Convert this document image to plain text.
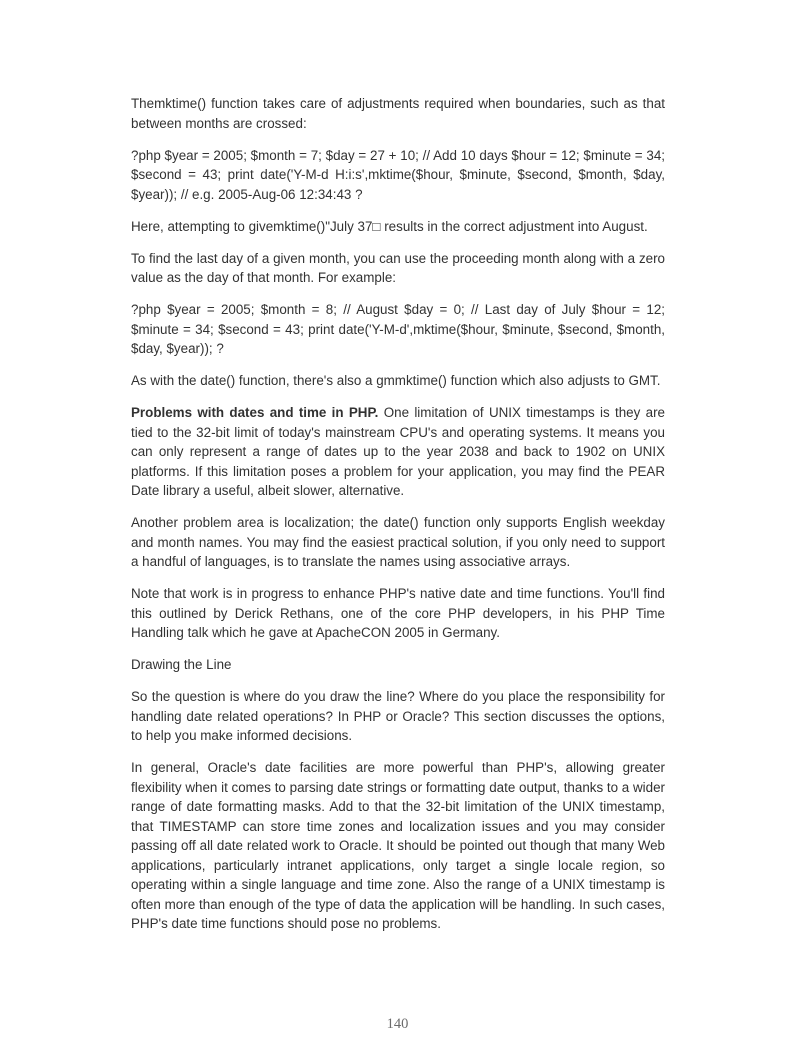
Themktime() function takes care of adjustments required when boundaries, such as that between months are crossed:

?php $year = 2005; $month = 7; $day = 27 + 10; // Add 10 days $hour = 12; $minute = 34; $second = 43; print date('Y-M-d H:i:s',mktime($hour, $minute, $second, $month, $day, $year)); // e.g. 2005-Aug-06 12:34:43 ?

Here, attempting to givemktime()"July 37□ results in the correct adjustment into August.

To find the last day of a given month, you can use the proceeding month along with a zero value as the day of that month. For example:

?php $year = 2005; $month = 8; // August $day = 0; // Last day of July $hour = 12; $minute = 34; $second = 43; print date('Y-M-d',mktime($hour, $minute, $second, $month, $day, $year)); ?

As with the date() function, there's also a gmmktime() function which also adjusts to GMT.

Problems with dates and time in PHP. One limitation of UNIX timestamps is they are tied to the 32-bit limit of today's mainstream CPU's and operating systems. It means you can only represent a range of dates up to the year 2038 and back to 1902 on UNIX platforms. If this limitation poses a problem for your application, you may find the PEAR Date library a useful, albeit slower, alternative.

Another problem area is localization; the date() function only supports English weekday and month names. You may find the easiest practical solution, if you only need to support a handful of languages, is to translate the names using associative arrays.

Note that work is in progress to enhance PHP's native date and time functions. You'll find this outlined by Derick Rethans, one of the core PHP developers, in his PHP Time Handling talk which he gave at ApacheCON 2005 in Germany.

Drawing the Line

So the question is where do you draw the line? Where do you place the responsibility for handling date related operations? In PHP or Oracle? This section discusses the options, to help you make informed decisions.

In general, Oracle's date facilities are more powerful than PHP's, allowing greater flexibility when it comes to parsing date strings or formatting date output, thanks to a wider range of date formatting masks. Add to that the 32-bit limitation of the UNIX timestamp, that TIMESTAMP can store time zones and localization issues and you may consider passing off all date related work to Oracle. It should be pointed out though that many Web applications, particularly intranet applications, only target a single locale region, so operating within a single language and time zone. Also the range of a UNIX timestamp is often more than enough of the type of data the application will be handling. In such cases, PHP's date time functions should pose no problems.

140
